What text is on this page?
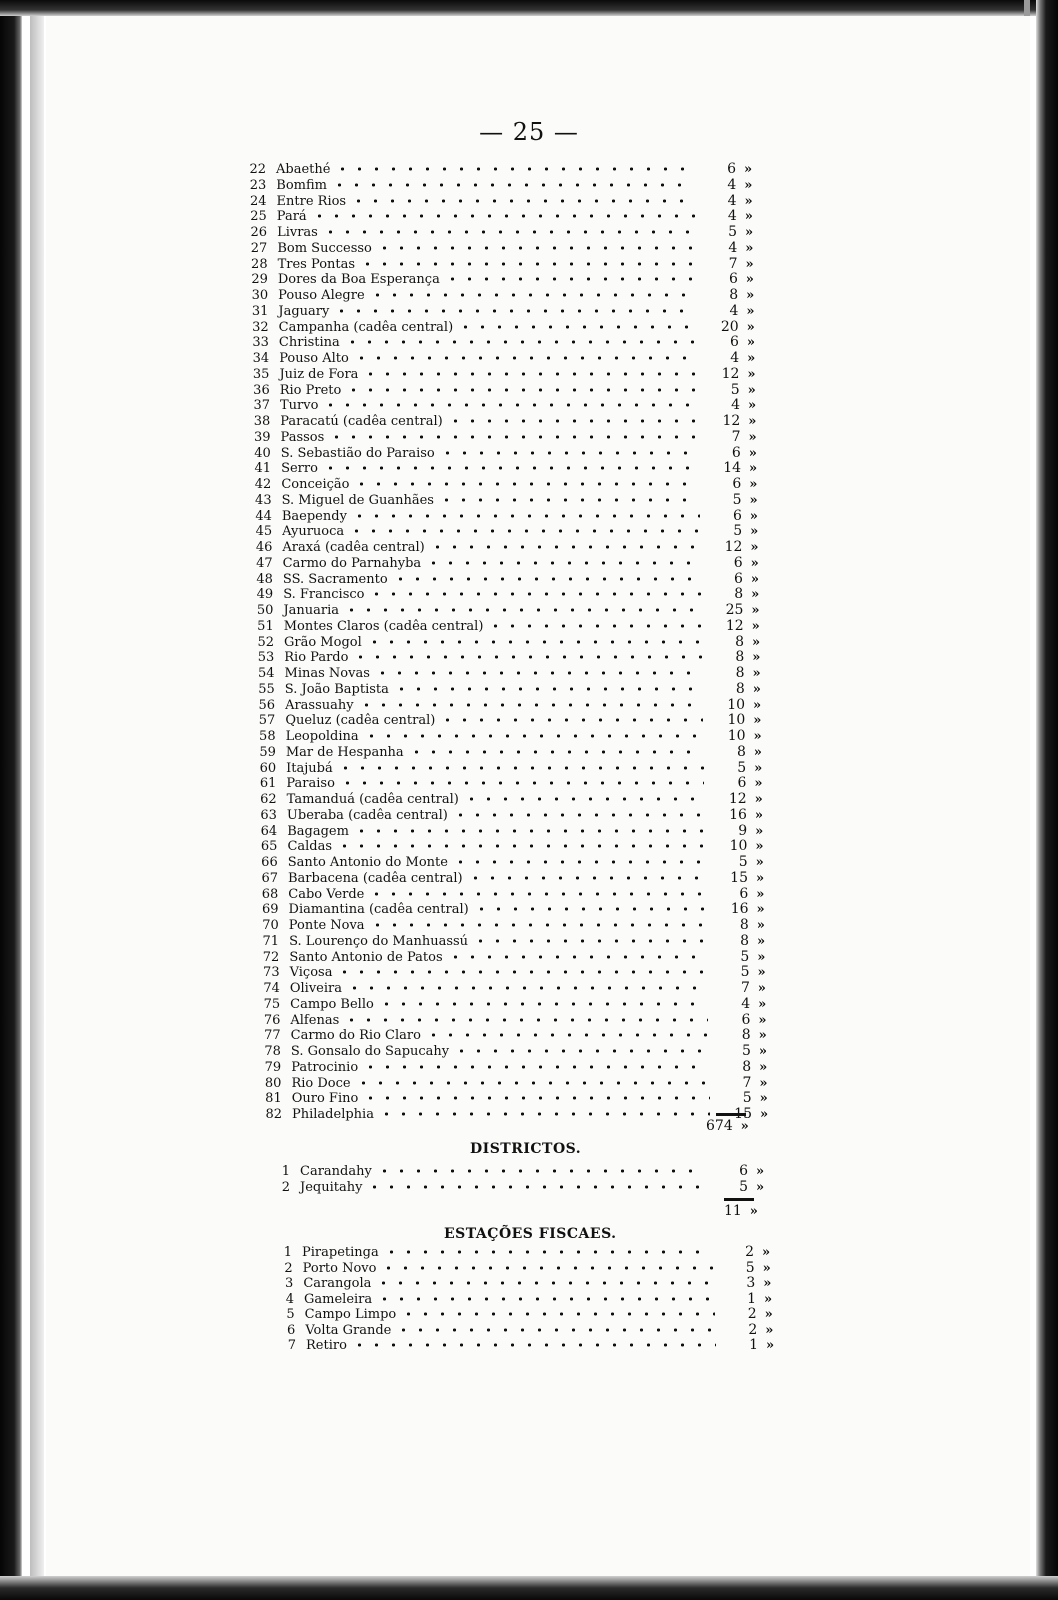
— 25 —
22 Abaethé	6 »
23 Bomfim	4 »
24 Entre Rios	4 »
25 Pará	4 »
26 Livras	5 »
27 Bom Successo	4 »
28 Tres Pontas	7 »
29 Dores da Boa Esperança	6 »
30 Pouso Alegre	8 »
31 Jaguary	4 »
32 Campanha (cadêa central)	20 »
33 Christina	6 »
34 Pouso Alto	4 »
35 Juiz de Fora	12 »
36 Rio Preto	5 »
37 Turvo	4 »
38 Paracatú (cadêa central)	12 »
39 Passos	7 »
40 S. Sebastião do Paraiso	6 »
41 Serro	14 »
42 Conceição	6 »
43 S. Miguel de Guanhães	5 »
44 Baependy	6 »
45 Ayuruoca	5 »
46 Araxá (cadêa central)	12 »
47 Carmo do Parnahyba	6 »
48 SS. Sacramento	6 »
49 S. Francisco	8 »
50 Januaria	25 »
51 Montes Claros (cadêa central)	12 »
52 Grão Mogol	8 »
53 Rio Pardo	8 »
54 Minas Novas	8 »
55 S. João Baptista	8 »
56 Arassuahy	10 »
57 Queluz (cadêa central)	10 »
58 Leopoldina	10 »
59 Mar de Hespanha	8 »
60 Itajubá	5 »
61 Paraiso	6 »
62 Tamanduá (cadêa central)	12 »
63 Uberaba (cadêa central)	16 »
64 Bagagem	9 »
65 Caldas	10 »
66 Santo Antonio do Monte	5 »
67 Barbacena (cadêa central)	15 »
68 Cabo Verde	6 »
69 Diamantina (cadêa central)	16 »
70 Ponte Nova	8 »
71 S. Lourenço do Manhuassú	8 »
72 Santo Antonio de Patos	5 »
73 Viçosa	5 »
74 Oliveira	7 »
75 Campo Bello	4 »
76 Alfenas	6 »
77 Carmo do Rio Claro	8 »
78 S. Gonsalo do Sapucahy	5 »
79 Patrocinio	8 »
80 Rio Doce	7 »
81 Ouro Fino	5 »
82 Philadelphia	15 »
674 »
DISTRICTOS.
1 Carandahy	6 »
2 Jequitahy	5 »
11 »
ESTAÇÕES FISCAES.
1 Pirapetinga	2 »
2 Porto Novo	5 »
3 Carangola	3 »
4 Gameleira	1 »
5 Campo Limpo	2 »
6 Volta Grande	2 »
7 Retiro	1 »
